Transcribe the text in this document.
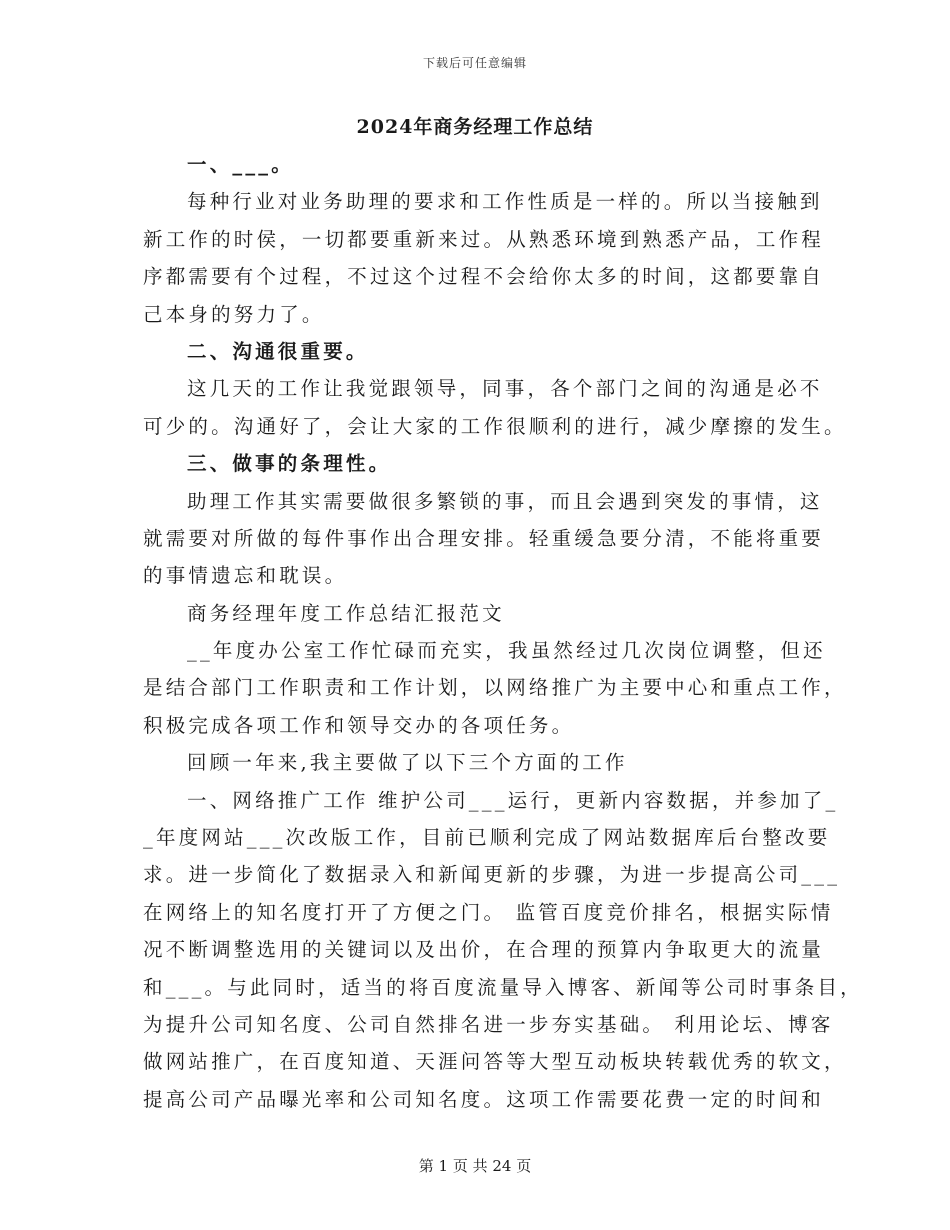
下载后可任意编辑
2024年商务经理工作总结
一、___。
每种行业对业务助理的要求和工作性质是一样的。所以当接触到
新工作的时侯，一切都要重新来过。从熟悉环境到熟悉产品，工作程
序都需要有个过程，不过这个过程不会给你太多的时间，这都要靠自
己本身的努力了。
二、沟通很重要。
这几天的工作让我觉跟领导，同事，各个部门之间的沟通是必不
可少的。沟通好了，会让大家的工作很顺利的进行，减少摩擦的发生。
三、做事的条理性。
助理工作其实需要做很多繁锁的事，而且会遇到突发的事情，这
就需要对所做的每件事作出合理安排。轻重缓急要分清，不能将重要
的事情遗忘和耽误。
商务经理年度工作总结汇报范文
__年度办公室工作忙碌而充实，我虽然经过几次岗位调整，但还
是结合部门工作职责和工作计划，以网络推广为主要中心和重点工作，
积极完成各项工作和领导交办的各项任务。
回顾一年来,我主要做了以下三个方面的工作
一、网络推广工作 维护公司___运行，更新内容数据，并参加了_
_年度网站___次改版工作，目前已顺利完成了网站数据库后台整改要
求。进一步简化了数据录入和新闻更新的步骤，为进一步提高公司___
在网络上的知名度打开了方便之门。 监管百度竞价排名，根据实际情
况不断调整选用的关键词以及出价，在合理的预算内争取更大的流量
和___。与此同时，适当的将百度流量导入博客、新闻等公司时事条目，
为提升公司知名度、公司自然排名进一步夯实基础。 利用论坛、博客
做网站推广，在百度知道、天涯问答等大型互动板块转载优秀的软文，
提高公司产品曝光率和公司知名度。这项工作需要花费一定的时间和
第 1 页 共 24 页
